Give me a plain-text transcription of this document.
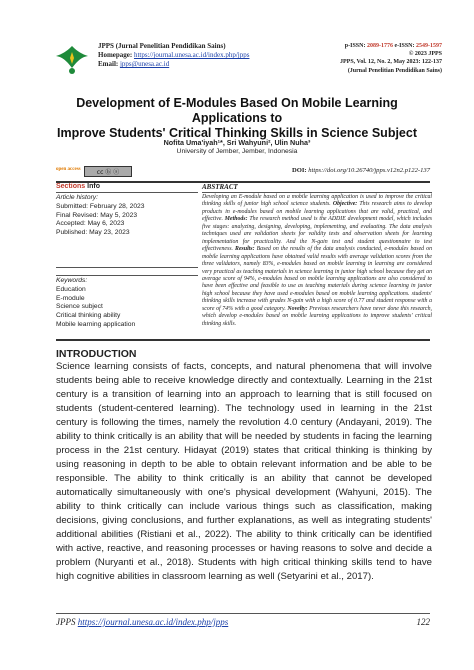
JPPS (Jurnal Penelitian Pendidikan Sains)
Homepage: https://journal.unesa.ac.id/index.php/jpps
Email: jpps@unesa.ac.id
p-ISSN: 2089-1776 e-ISSN: 2549-1597
© 2023 JPPS
JPPS, Vol. 12, No. 2, May 2023: 122-137
(Jurnal Penelitian Pendidikan Sains)
Development of E-Modules Based On Mobile Learning Applications to
Improve Students' Critical Thinking Skills in Science Subject
Nofita Uma'iyah¹*, Sri Wahyuni², Ulin Nuha³
University of Jember, Jember, Indonesia
open access	cc ⓑ ⓢ	DOI: https://doi.org/10.26740/jpps.v12n2.p122-137
Sections Info	ABSTRACT
Article history:
Submitted: February 28, 2023
Final Revised: May 5, 2023
Accepted: May 6, 2023
Published: May 23, 2023
Keywords:
Education
E-module
Science subject
Critical thinking ability
Mobile learning application
Developing an E-module based on a mobile learning application is used to improve the critical thinking skills of junior high school science students. Objective: This research aims to develop products in e-modules based on mobile learning applications that are valid, practical, and effective. Methods: The research method used is the ADDIE development model, which includes five stages: analyzing, designing, developing, implementing, and evaluating. The data analysis techniques used are validation sheets for validity tests and observation sheets for learning implementation for practicality. And the N-gain test and student questionnaire to test effectiveness. Results: Based on the results of the data analysis conducted, e-modules based on mobile learning applications have obtained valid results with average validation scores from the three validators, namely 83%, e-modules based on mobile learning in learning are considered very practical as teaching materials in science learning in junior high school because they get an average score of 94%, e-modules based on mobile learning applications are also considered to have been effective and feasible to use as teaching materials during science learning in junior high school because they have used e-modules based on mobile learning applications. students' thinking skills increase with grades N-gain with a high score of 0.77 and student response with a score of 74% with a good category. Novelty: Previous researchers have never done this research, which develop e-modules based on mobile learning applications to improve students' critical thinking skills.
INTRODUCTION
Science learning consists of facts, concepts, and natural phenomena that will involve students being able to receive knowledge directly and contextually. Learning in the 21st century is a transition of learning into an approach to learning that is still focused on students (student-centered learning). The technology used in learning in the 21st century is following the times, namely the revolution 4.0 century (Andayani, 2019). The ability to think critically is an ability that will be needed by students in facing the learning process in the 21st century. Hidayat (2019) states that critical thinking is thinking by using reasoning in depth to be able to obtain relevant information and be able to be responsible. The ability to think critically is an ability that cannot be developed automatically simultaneously with one's physical development (Wahyuni, 2015). The ability to think critically can include various things such as classification, making decisions, giving conclusions, and further explanations, as well as integrating students' additional abilities (Ristiani et al., 2022). The ability to think critically can be identified with active, reactive, and reasoning processes or having reasons to solve and decide a problem (Nuryanti et al., 2018). Students with high critical thinking skills tend to have high cognitive abilities in classroom learning as well (Setyarini et al., 2017).
JPPS https://journal.unesa.ac.id/index.php/jpps	122
